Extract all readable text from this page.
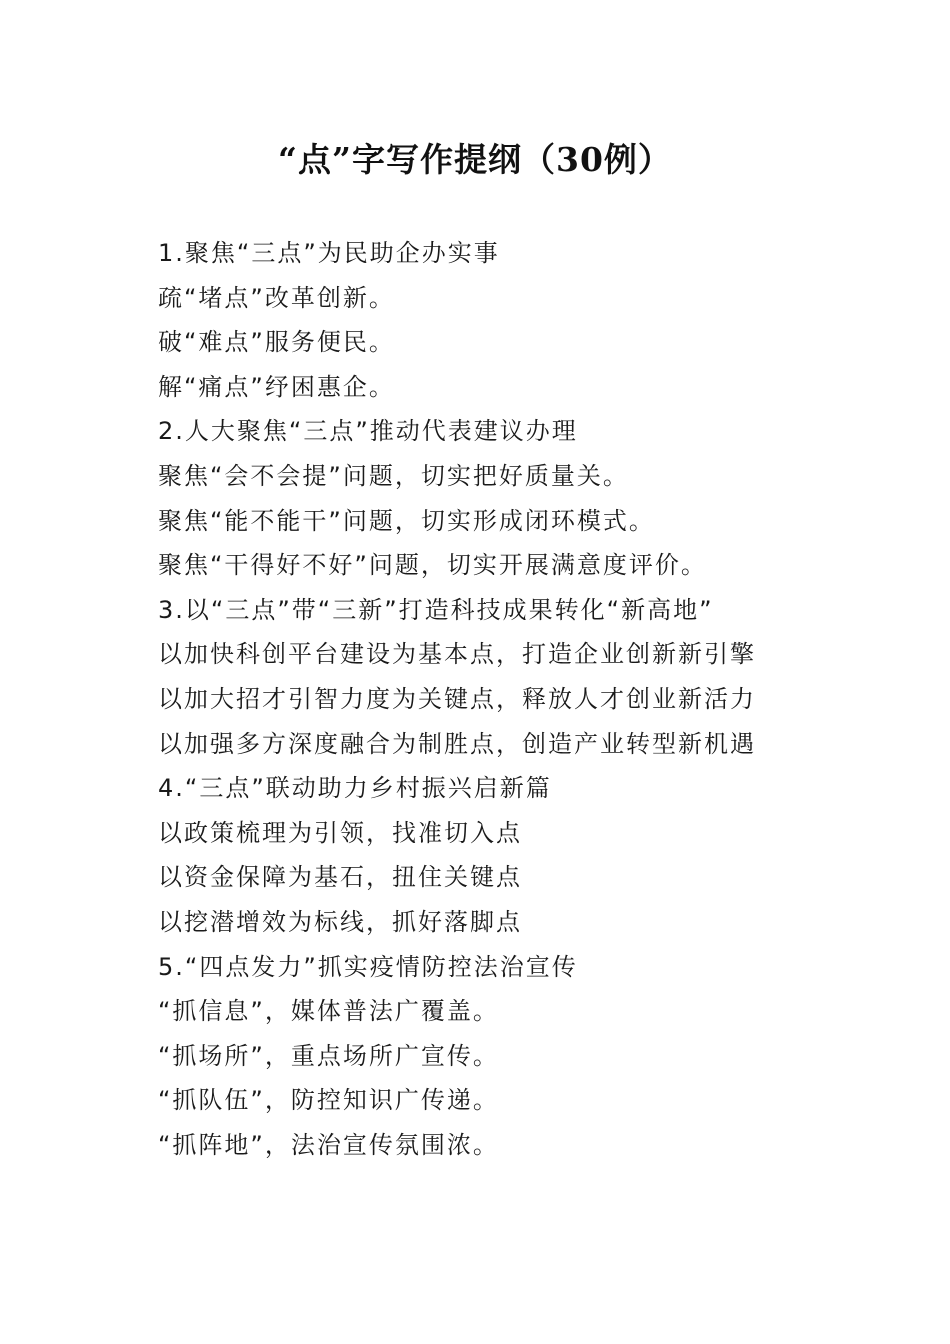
“点”字写作提纲（30例）
1.聚焦“三点”为民助企办实事
疏“堵点”改革创新。
破“难点”服务便民。
解“痛点”纾困惠企。
2.人大聚焦“三点”推动代表建议办理
聚焦“会不会提”问题，切实把好质量关。
聚焦“能不能干”问题，切实形成闭环模式。
聚焦“干得好不好”问题，切实开展满意度评价。
3.以“三点”带“三新”打造科技成果转化“新高地”
以加快科创平台建设为基本点，打造企业创新新引擎
以加大招才引智力度为关键点，释放人才创业新活力
以加强多方深度融合为制胜点，创造产业转型新机遇
4.“三点”联动助力乡村振兴启新篇
以政策梳理为引领，找准切入点
以资金保障为基石，扭住关键点
以挖潜增效为标线，抓好落脚点
5.“四点发力”抓实疫情防控法治宣传
“抓信息”，媒体普法广覆盖。
“抓场所”，重点场所广宣传。
“抓队伍”，防控知识广传递。
“抓阵地”，法治宣传氛围浓。
